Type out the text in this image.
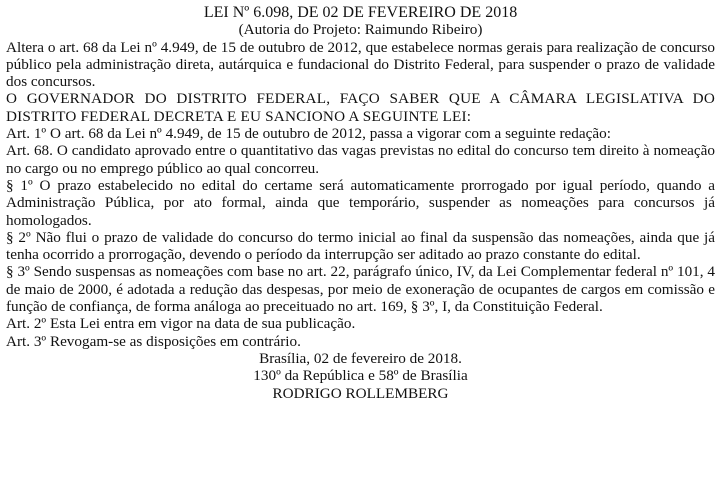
LEI Nº 6.098, DE 02 DE FEVEREIRO DE 2018

(Autoria do Projeto: Raimundo Ribeiro)

Altera o art. 68 da Lei nº 4.949, de 15 de outubro de 2012, que estabelece normas gerais para realização de concurso público pela administração direta, autárquica e fundacional do Distrito Federal, para suspender o prazo de validade dos concursos.

O GOVERNADOR DO DISTRITO FEDERAL, FAÇO SABER QUE A CÂMARA LEGISLATIVA DO DISTRITO FEDERAL DECRETA E EU SANCIONO A SEGUINTE LEI:

Art. 1º O art. 68 da Lei nº 4.949, de 15 de outubro de 2012, passa a vigorar com a seguinte redação:

Art. 68. O candidato aprovado entre o quantitativo das vagas previstas no edital do concurso tem direito à nomeação no cargo ou no emprego público ao qual concorreu.

§ 1º O prazo estabelecido no edital do certame será automaticamente prorrogado por igual período, quando a Administração Pública, por ato formal, ainda que temporário, suspender as nomeações para concursos já homologados.

§ 2º Não flui o prazo de validade do concurso do termo inicial ao final da suspensão das nomeações, ainda que já tenha ocorrido a prorrogação, devendo o período da interrupção ser aditado ao prazo constante do edital.

§ 3º Sendo suspensas as nomeações com base no art. 22, parágrafo único, IV, da Lei Complementar federal nº 101, 4 de maio de 2000, é adotada a redução das despesas, por meio de exoneração de ocupantes de cargos em comissão e função de confiança, de forma análoga ao preceituado no art. 169, § 3º, I, da Constituição Federal.

Art. 2º Esta Lei entra em vigor na data de sua publicação.

Art. 3º Revogam-se as disposições em contrário.

Brasília, 02 de fevereiro de 2018.

130º da República e 58º de Brasília

RODRIGO ROLLEMBERG
